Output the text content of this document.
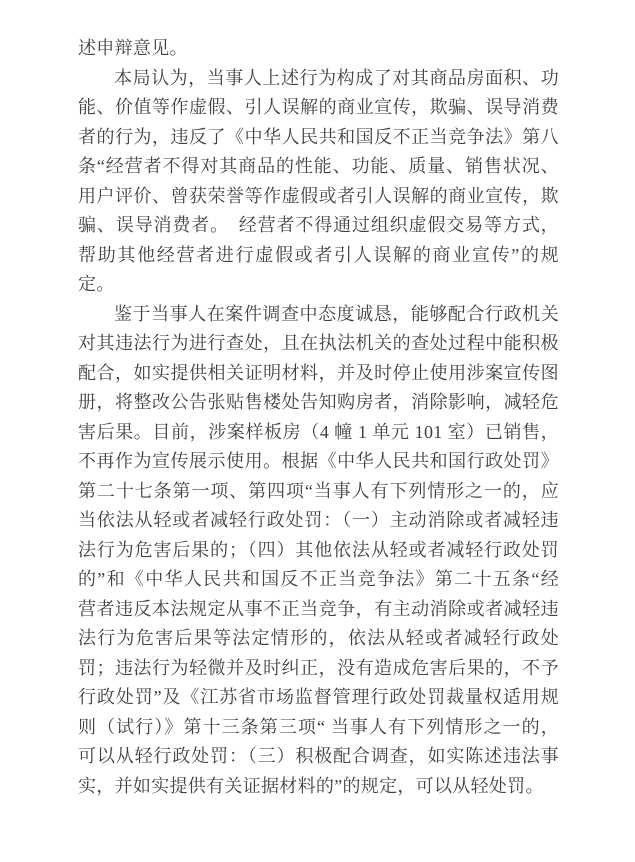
述申辩意见。
本局认为，当事人上述行为构成了对其商品房面积、功
能、价值等作虚假、引人误解的商业宣传，欺骗、误导消费
者的行为，违反了《中华人民共和国反不正当竞争法》第八
条“经营者不得对其商品的性能、功能、质量、销售状况、
用户评价、曾获荣誉等作虚假或者引人误解的商业宣传，欺
骗、误导消费者。　经营者不得通过组织虚假交易等方式，
帮助其他经营者进行虚假或者引人误解的商业宣传”的规
定。
鉴于当事人在案件调查中态度诚恳，能够配合行政机关
对其违法行为进行查处，且在执法机关的查处过程中能积极
配合，如实提供相关证明材料，并及时停止使用涉案宣传图
册，将整改公告张贴售楼处告知购房者，消除影响，减轻危
害后果。目前，涉案样板房（4 幢 1 单元 101 室）已销售，
不再作为宣传展示使用。根据《中华人民共和国行政处罚》
第二十七条第一项、第四项“当事人有下列情形之一的，应
当依法从轻或者减轻行政处罚：（一）主动消除或者减轻违
法行为危害后果的；（四）其他依法从轻或者减轻行政处罚
的”和《中华人民共和国反不正当竞争法》第二十五条“经
营者违反本法规定从事不正当竞争，有主动消除或者减轻违
法行为危害后果等法定情形的，依法从轻或者减轻行政处
罚；违法行为轻微并及时纠正，没有造成危害后果的，不予
行政处罚”及《江苏省市场监督管理行政处罚裁量权适用规
则（试行）》第十三条第三项“ 当事人有下列情形之一的，
可以从轻行政处罚：（三）积极配合调查，如实陈述违法事
实，并如实提供有关证据材料的”的规定，可以从轻处罚。
